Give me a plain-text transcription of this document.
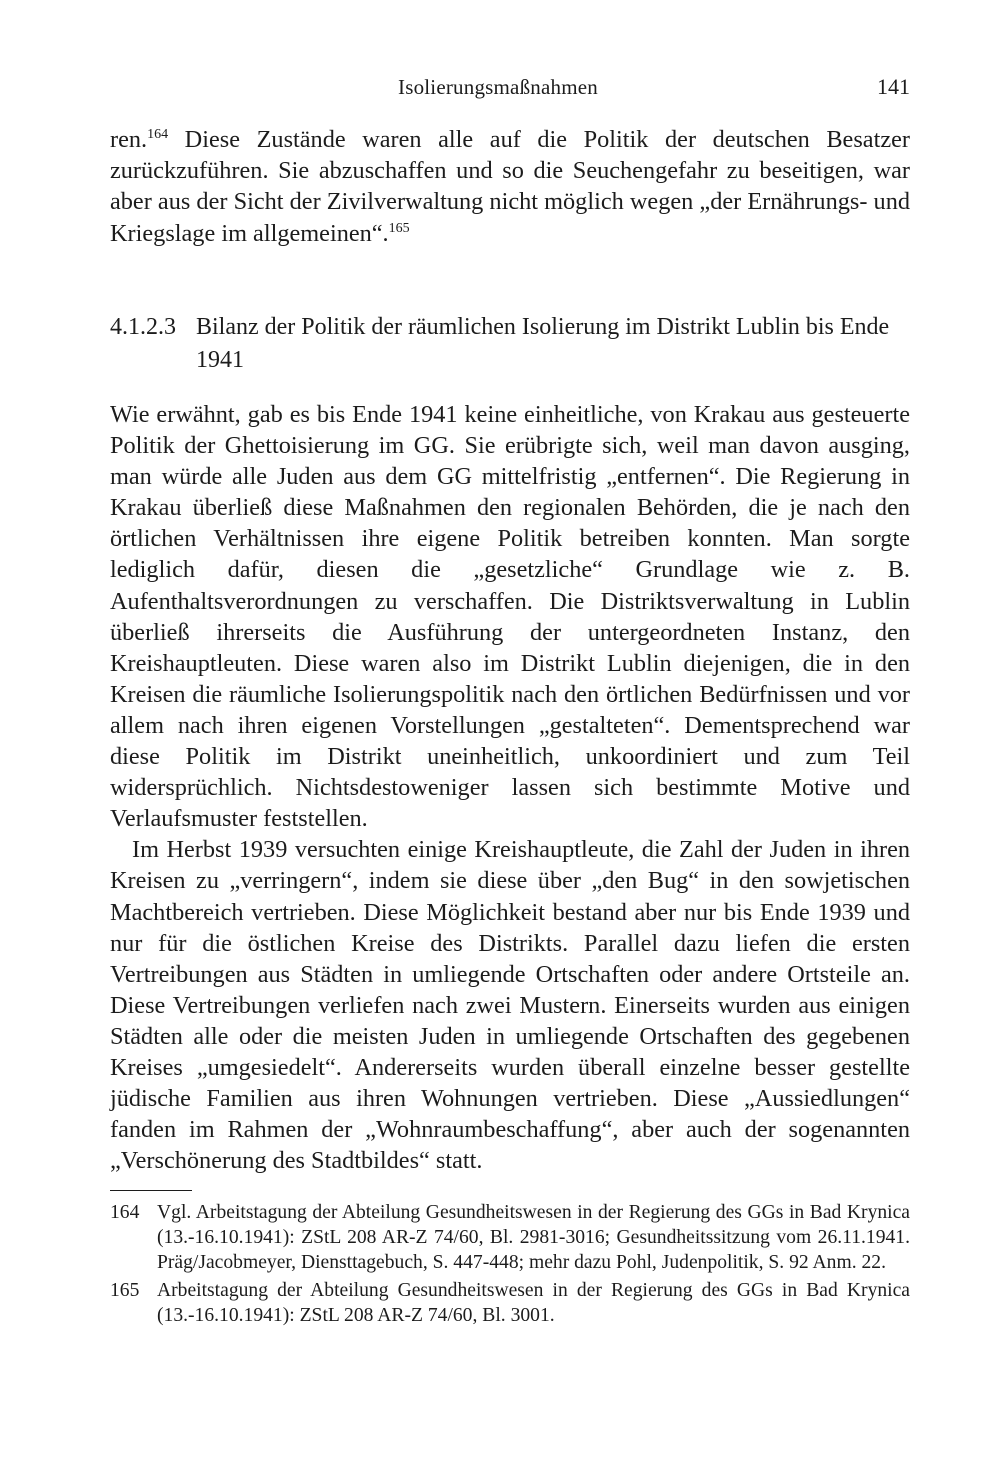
Isolierungsmaßnahmen	141

ren.$^{164}$ Diese Zustände waren alle auf die Politik der deutschen Besatzer zurückzuführen. Sie abzuschaffen und so die Seuchengefahr zu beseitigen, war aber aus der Sicht der Zivilverwaltung nicht möglich wegen „der Ernährungs- und Kriegslage im allgemeinen“.$^{165}$

4.1.2.3 Bilanz der Politik der räumlichen Isolierung im Distrikt Lublin bis Ende 1941

Wie erwähnt, gab es bis Ende 1941 keine einheitliche, von Krakau aus gesteuerte Politik der Ghettoisierung im GG. Sie erübrigte sich, weil man davon ausging, man würde alle Juden aus dem GG mittelfristig „entfernen“. Die Regierung in Krakau überließ diese Maßnahmen den regionalen Behörden, die je nach den örtlichen Verhältnissen ihre eigene Politik betreiben konnten. Man sorgte lediglich dafür, diesen die „gesetzliche“ Grundlage wie z. B. Aufenthaltsverordnungen zu verschaffen. Die Distriktsverwaltung in Lublin überließ ihrerseits die Ausführung der untergeordneten Instanz, den Kreishauptleuten. Diese waren also im Distrikt Lublin diejenigen, die in den Kreisen die räumliche Isolierungspolitik nach den örtlichen Bedürfnissen und vor allem nach ihren eigenen Vorstellungen „gestalteten“. Dementsprechend war diese Politik im Distrikt uneinheitlich, unkoordiniert und zum Teil widersprüchlich. Nichtsdestoweniger lassen sich bestimmte Motive und Verlaufsmuster feststellen.

Im Herbst 1939 versuchten einige Kreishauptleute, die Zahl der Juden in ihren Kreisen zu „verringern“, indem sie diese über „den Bug“ in den sowjetischen Machtbereich vertrieben. Diese Möglichkeit bestand aber nur bis Ende 1939 und nur für die östlichen Kreise des Distrikts. Parallel dazu liefen die ersten Vertreibungen aus Städten in umliegende Ortschaften oder andere Ortsteile an. Diese Vertreibungen verliefen nach zwei Mustern. Einerseits wurden aus einigen Städten alle oder die meisten Juden in umliegende Ortschaften des gegebenen Kreises „umgesiedelt“. Andererseits wurden überall einzelne besser gestellte jüdische Familien aus ihren Wohnungen vertrieben. Diese „Aussiedlungen“ fanden im Rahmen der „Wohnraumbeschaffung“, aber auch der sogenannten „Verschönerung des Stadtbildes“ statt.

164 Vgl. Arbeitstagung der Abteilung Gesundheitswesen in der Regierung des GGs in Bad Krynica (13.-16.10.1941): ZStL 208 AR-Z 74/60, Bl. 2981-3016; Gesundheitssitzung vom 26.11.1941. Präg/Jacobmeyer, Diensttagebuch, S. 447-448; mehr dazu Pohl, Judenpolitik, S. 92 Anm. 22.
165 Arbeitstagung der Abteilung Gesundheitswesen in der Regierung des GGs in Bad Krynica (13.-16.10.1941): ZStL 208 AR-Z 74/60, Bl. 3001.
